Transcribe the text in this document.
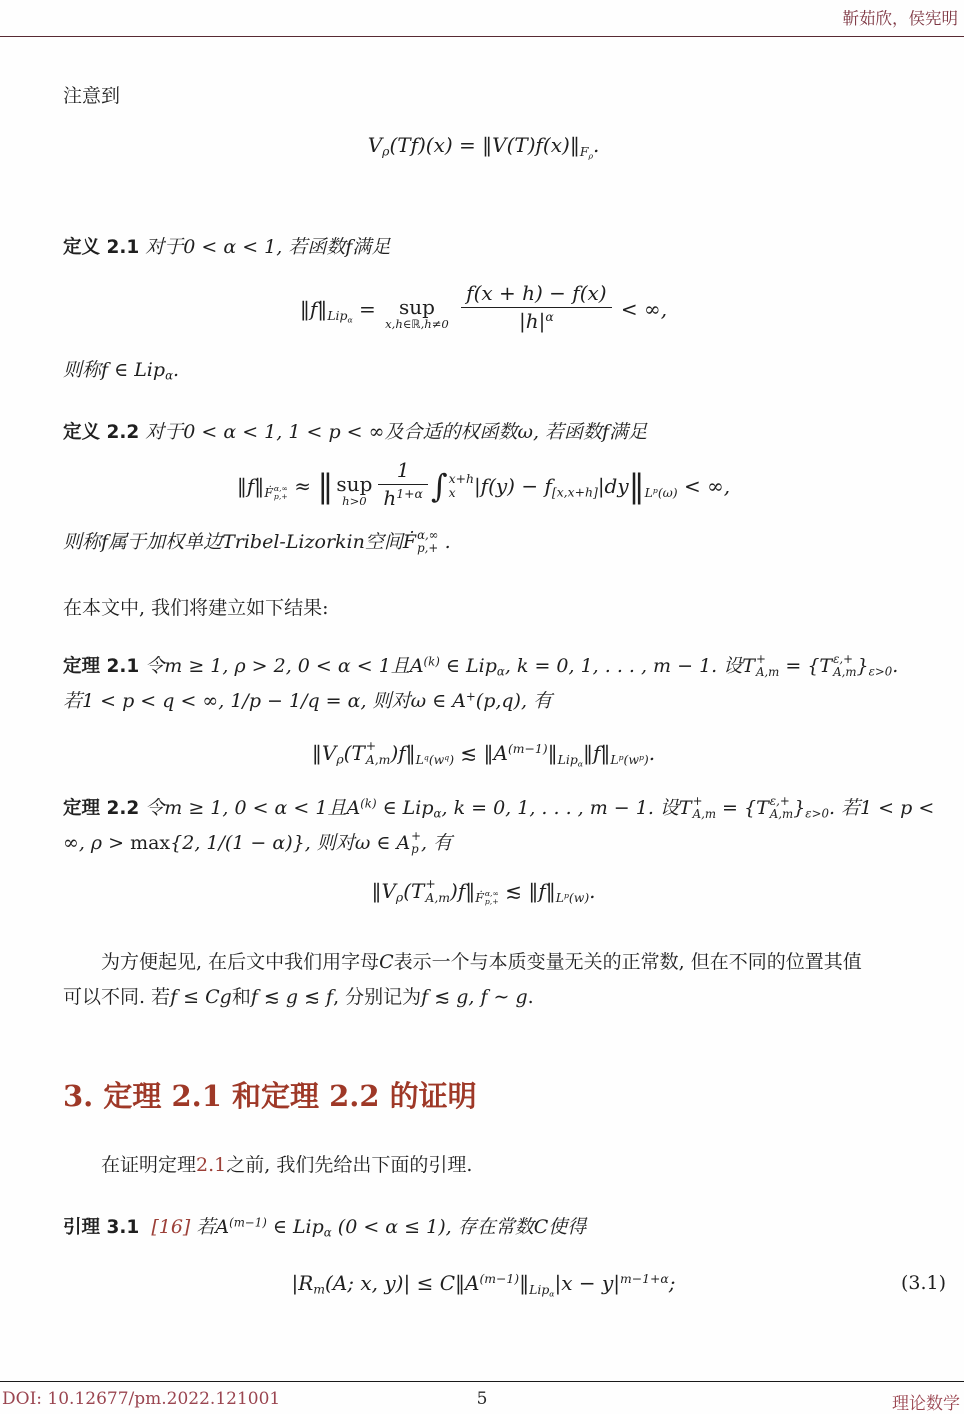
靳茹欣，侯宪明
注意到
$V_\rho(Tf)(x)$ = $‖V(T)f(x)‖_{F_\rho}$.
定义 2.1 对于0 < α < 1, 若函数f满足
$‖f‖_{Lip_\alpha}$ = sup
x,h∈ℝ,h≠0
$\frac{f(x + h) - f(x)}{|h|^\alpha}$ < ∞,
则称f ∈ Lip$_\alpha$.
定义 2.2 对于0 < α < 1, 1 < p < ∞及合适的权函数ω, 若函数f满足
$‖f‖_{Ḟ \alpha,\infty p,+}$ ≈ ‖ sup
$h>0 \frac{1}{h^{1+\alpha}}$ ∫ x+h
x $|f(y) - f_{[x,x+h]}|dy‖_{L^p(\omega)}$ < ∞,
则称f属于加权单边Tribel-Lizorkin空间Ḟ α,∞
p,+ .
在本文中, 我们将建立如下结果:
定理 2.1 令m ≥ 1, ρ > 2, 0 < α < 1且$A^{(k)}$ ∈ Lip$_\alpha$, k = 0, 1, . . . , m − 1. 设T +
A,m = {T ε,+
A,m }$_{\varepsilon>0}$.
若1 < p < q < ∞, 1/p − 1/q = α, 则对ω ∈ A+(p,q), 有
$‖V_\rho(T$ +
A,m )$f‖_{L^q(w^q)}$ ≲ $‖A^{(m-1)}‖_{Lip_\alpha}‖f‖_{L^p(w^p)}$.
定理 2.2 令m ≥ 1, 0 < α < 1且$A^{(k)}$ ∈ Lip$_\alpha$, k = 0, 1, . . . , m − 1. 设T +
A,m = {T ε,+
A,m }$_{\varepsilon>0}$. 若1 < p <
∞, ρ > max{2, 1/(1 − α)}, 则对ω ∈ A +
p , 有
$‖V_\rho(T$ +
A,m )$f‖_{Ḟ \alpha,\infty p,+}$ ≲ $‖f‖_{L^p(w)}$.
为方便起见, 在后文中我们用字母C表示一个与本质变量无关的正常数, 但在不同的位置其值
可以不同. 若f ≤ Cg和f ≲ g ≲ f, 分别记为f ≲ g, f ∼ g.
3. 定理 2.1 和定理 2.2 的证明
在证明定理2.1之前, 我们先给出下面的引理.
引理 3.1 [16] 若$A^{(m-1)}$ ∈ Lip$_\alpha$ (0 < α ≤ 1), 存在常数C使得
$|R_m(A$; x, $y)| \le C‖A^{(m-1)}‖_{Lip_\alpha}|x - y|^{m-1+\alpha}$;	(3.1)
5
DOI: 10.12677/pm.2022.121001	理论数学
